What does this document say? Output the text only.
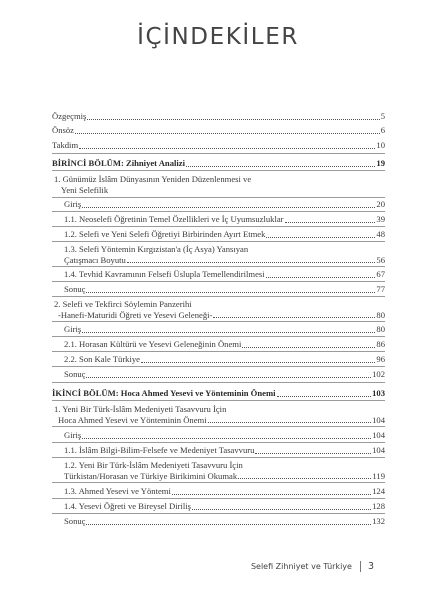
İÇİNDEKİLER
Özgeçmiş	5
Önsöz	6
Takdim	10
BİRİNCİ BÖLÜM: Zihniyet Analizi	19
1. Günümüz İslâm Dünyasının Yeniden Düzenlenmesi ve
Yeni Selefilik
Giriş	20
1.1. Neoselefi Öğretinin Temel Özellikleri ve İç Uyumsuzluklar	39
1.2. Selefi ve Yeni Selefi Öğretiyi Birbirinden Ayırt Etmek	48
1.3. Selefi Yöntemin Kırgızistan'a (İç Asya) Yansıyan
Çatışmacı Boyutu	56
1.4. Tevhid Kavramının Felsefi Üslupla Temellendirilmesi	67
Sonuç	77
2. Selefi ve Tekfirci Söylemin Panzerihi
-Hanefi-Maturidi Öğreti ve Yesevi Geleneği-	80
Giriş	80
2.1. Horasan Kültürü ve Yesevi Geleneğinin Önemi	86
2.2. Son Kale Türkiye	96
Sonuç	102
İKİNCİ BÖLÜM: Hoca Ahmed Yesevi ve Yönteminin Önemi	103
1. Yeni Bir Türk-İslâm Medeniyeti Tasavvuru İçin
Hoca Ahmed Yesevi ve Yönteminin Önemi	104
Giriş	104
1.1. İslâm Bilgi-Bilim-Felsefe ve Medeniyet Tasavvuru	104
1.2. Yeni Bir Türk-İslâm Medeniyeti Tasavvuru İçin
Türkistan/Horasan ve Türkiye Birikimini Okumak	119
1.3. Ahmed Yesevi ve Yöntemi	124
1.4. Yesevi Öğreti ve Bireysel Diriliş	128
Sonuç	132
Selefi Zihniyet ve Türkiye 3
